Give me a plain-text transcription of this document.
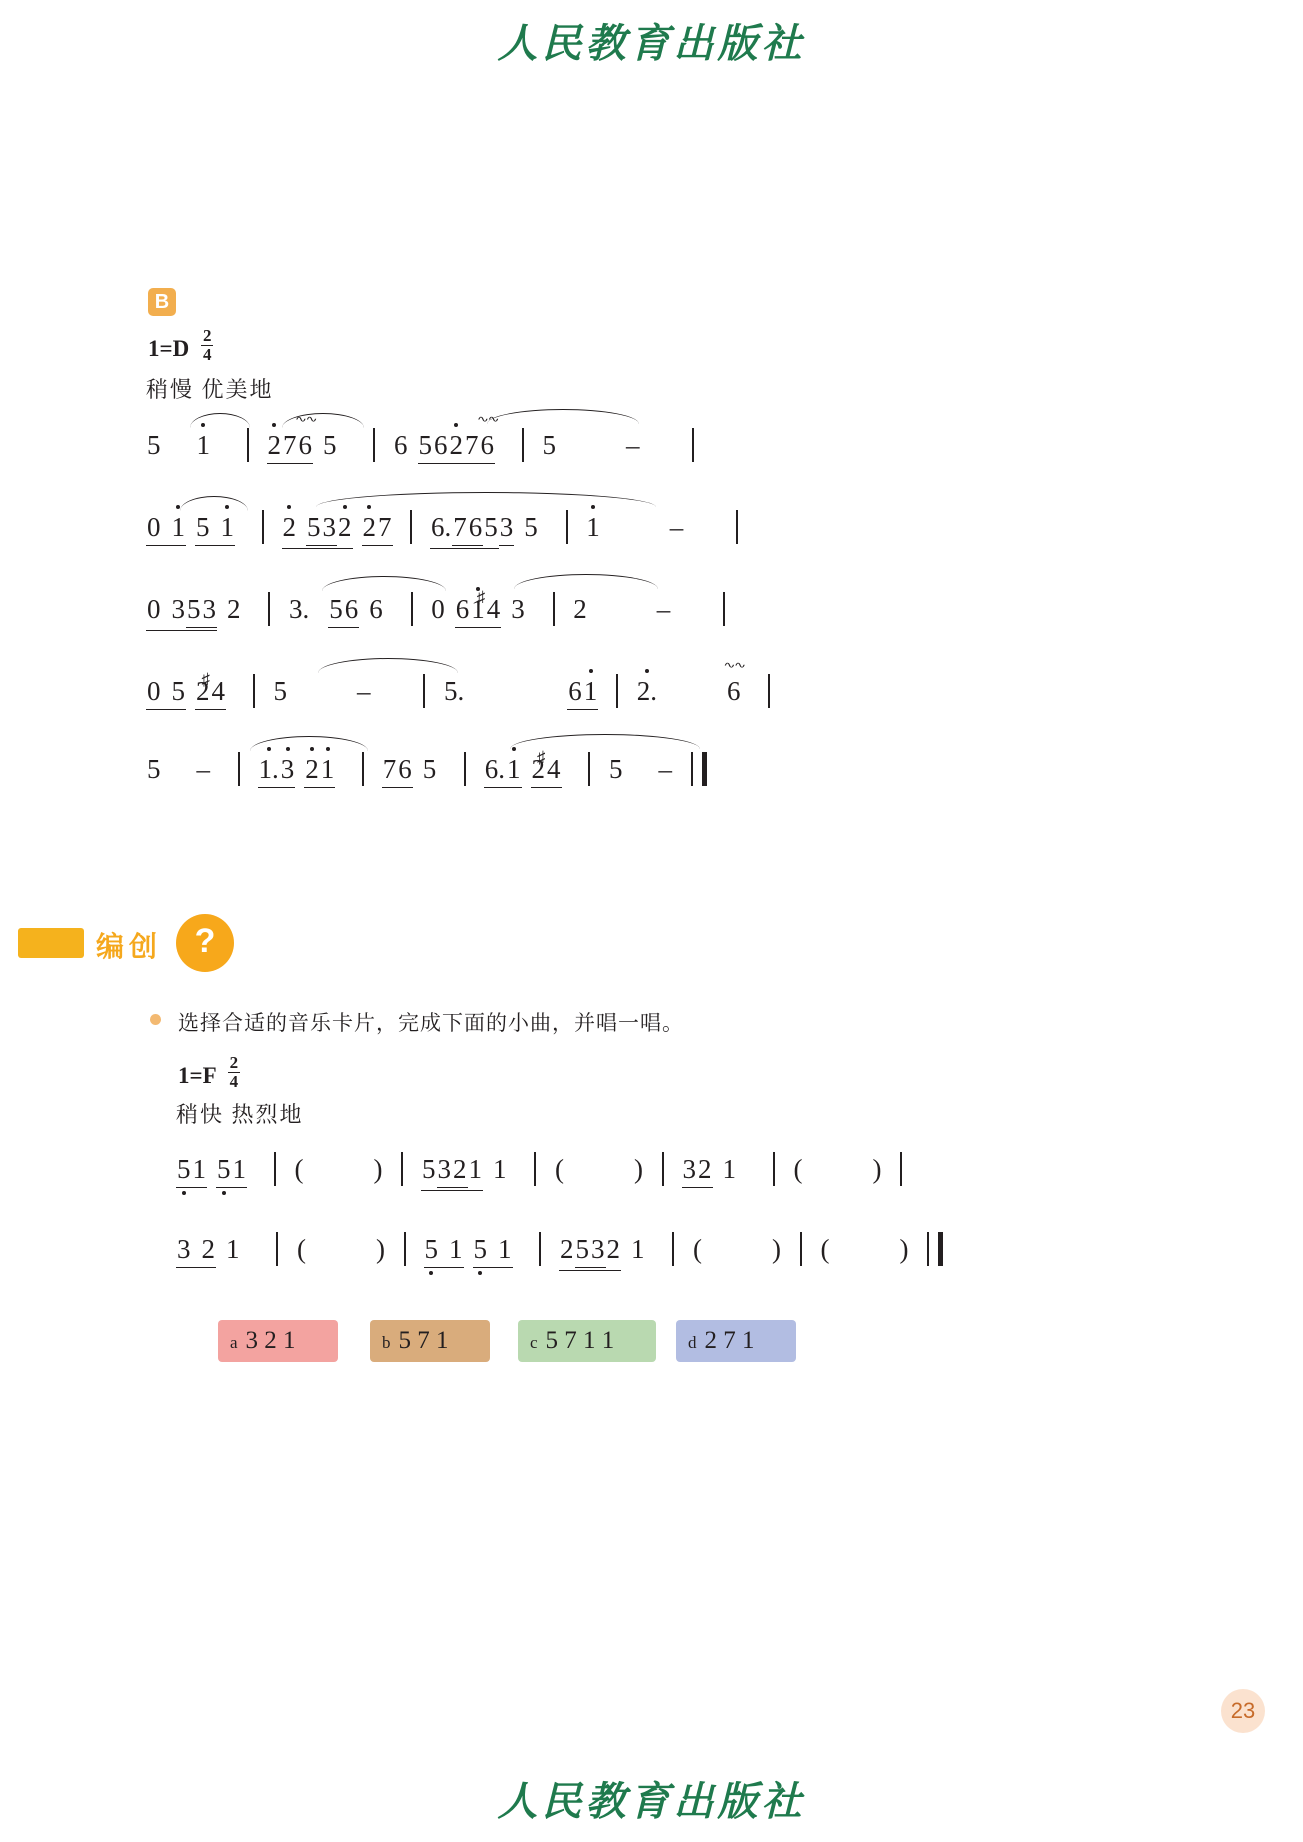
人民教育出版社
人民教育出版社
B
$1=D \frac{2}{4}$
稍慢 优美地
5 1 27∿∿ 6 5 6 5627∿∿ 6 5	–
0 1 5 1 2 532 27 6.7653 5 1	–
0 353 2 3. 56 6 0 61♯ 4 3 2	–
0 5 2♯ 4 5	–	5.	61 2.	∿∿ 6
5 – 1.3 21 76 5 6.1 2♯ 4 5 –
编创 ?
选择合适的音乐卡片，完成下面的小曲，并唱一唱。
$1=F \frac{2}{4}$
稍快 热烈地
51 51 (	) 5321 1 (	) 32 1 (	)
3 2 1 (	) 5 1 5 1 2532 1 (	) (	)
a 3 2 1	b 5 7 1	c 5 7 1 1	d 2 7 1
23
